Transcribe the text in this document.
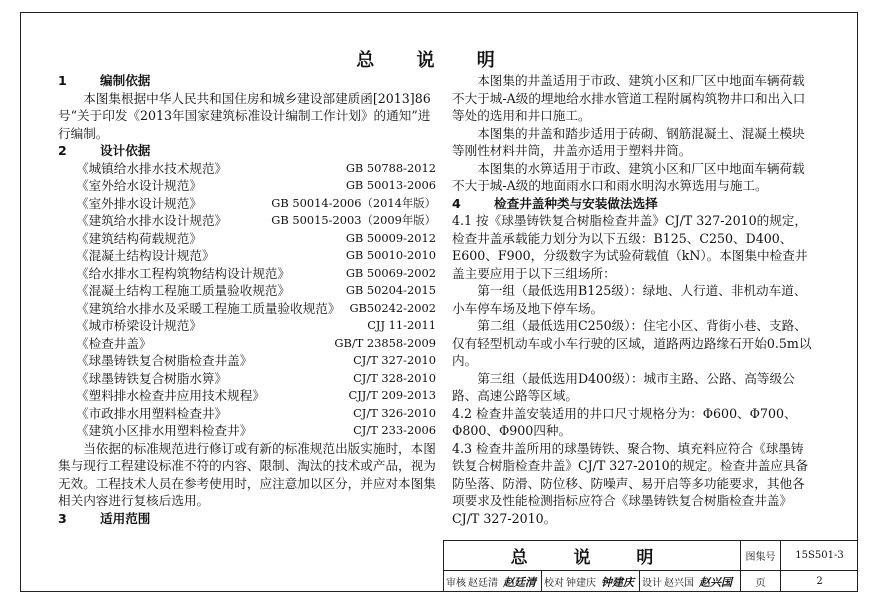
总 说 明
1	编制依据

本图集根据中华人民共和国住房和城乡建设部建质函[2013]86号“关于印发《2013年国家建筑标准设计编制工作计划》的通知”进行编制。

2	设计依据
《城镇给水排水技术规范》	GB 50788-2012
《室外给水设计规范》	GB 50013-2006
《室外排水设计规范》	GB 50014-2006（2014年版）
《建筑给水排水设计规范》	GB 50015-2003（2009年版）
《建筑结构荷载规范》	GB 50009-2012
《混凝土结构设计规范》	GB 50010-2010
《给水排水工程构筑物结构设计规范》	GB 50069-2002
《混凝土结构工程施工质量验收规范》	GB 50204-2015
《建筑给水排水及采暖工程施工质量验收规范》 GB50242-2002
《城市桥梁设计规范》	CJJ 11-2011
《检查井盖》	GB/T 23858-2009
《球墨铸铁复合树脂检查井盖》	CJ/T 327-2010
《球墨铸铁复合树脂水箅》	CJ/T 328-2010
《塑料排水检查井应用技术规程》	CJJ/T 209-2013
《市政排水用塑料检查井》	CJ/T 326-2010
《建筑小区排水用塑料检查井》	CJ/T 233-2006

当依据的标准规范进行修订或有新的标准规范出版实施时，本图集与现行工程建设标准不符的内容、限制、淘汰的技术或产品，视为无效。工程技术人员在参考使用时，应注意加以区分，并应对本图集相关内容进行复核后选用。

3	适用范围

本图集的井盖适用于市政、建筑小区和厂区中地面车辆荷载不大于城-A级的埋地给水排水管道工程附属构筑物井口和出入口等处的选用和井口施工。

本图集的井盖和踏步适用于砖砌、钢筋混凝土、混凝土模块等刚性材料井筒，井盖亦适用于塑料井筒。

本图集的水箅适用于市政、建筑小区和厂区中地面车辆荷载不大于城-A级的地面雨水口和雨水明沟水箅选用与施工。

4	检查井盖种类与安装做法选择

4.1 按《球墨铸铁复合树脂检查井盖》CJ/T 327-2010的规定，检查井盖承载能力划分为以下五级：B125、C250、D400、E600、F900，分级数字为试验荷载值（kN）。本图集中检查井盖主要应用于以下三组场所：

第一组（最低选用B125级）：绿地、人行道、非机动车道、小车停车场及地下停车场。

第二组（最低选用C250级）：住宅小区、背街小巷、支路、仅有轻型机动车或小车行驶的区域，道路两边路缘石开始0.5m以内。

第三组（最低选用D400级）：城市主路、公路、高等级公路、高速公路等区域。

4.2 检查井盖安装适用的井口尺寸规格分为：Φ600、Φ700、Φ800、Φ900四种。

4.3 检查井盖所用的球墨铸铁、聚合物、填充料应符合《球墨铸铁复合树脂检查井盖》CJ/T 327-2010的规定。检查井盖应具备防坠落、防滑、防位移、防噪声、易开启等多功能要求，其他各项要求及性能检测指标应符合《球墨铸铁复合树脂检查井盖》CJ/T 327-2010。

总 说 明	图集号	15S501-3
审核 赵廷清 赵廷清 校对 钟建庆 钟建庆 设计 赵兴国 赵兴国	页	2
